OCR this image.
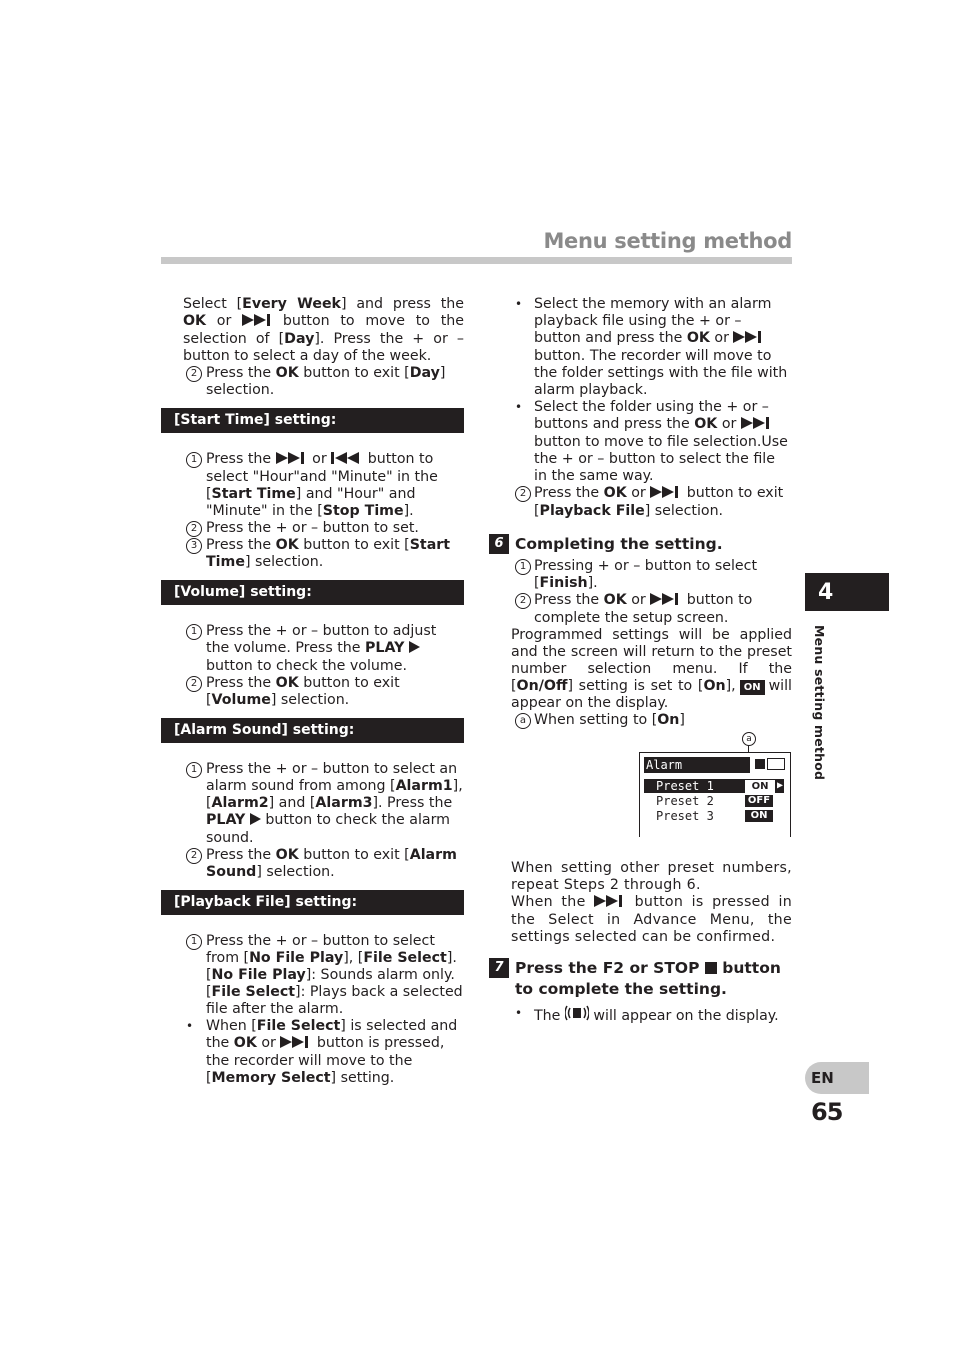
Menu setting method

Select [Every Week] and press the OK or	button to move to the selection of [Day]. Press the + or – button to select a day of the week.

2 Press the OK button to exit [Day] selection.
[Start Time] setting:
1 Press the  or  button to select "Hour"and "Minute" in the [Start Time] and "Hour" and "Minute" in the [Stop Time].
2 Press the + or – button to set.
3 Press the OK button to exit [Start Time] selection.
[Volume] setting:
1 Press the + or – button to adjust the volume. Press the PLAY  button to check the volume.
2 Press the OK button to exit [Volume] selection.
[Alarm Sound] setting:
1 Press the + or – button to select an alarm sound from among [Alarm1], [Alarm2] and [Alarm3]. Press the PLAY  button to check the alarm sound.
2 Press the OK button to exit [Alarm Sound] selection.
[Playback File] setting:
1 Press the + or – button to select from [No File Play], [File Select].
[No File Play]: Sounds alarm only.
[File Select]: Plays back a selected file after the alarm.
• When [File Select] is selected and the OK or  button is pressed, the recorder will move to the [Memory Select] setting.
• Select the memory with an alarm playback file using the + or – button and press the OK or  button. The recorder will move to the folder settings with the file with alarm playback.
• Select the folder using the + or – buttons and press the OK or  button to move to file selection.Use the + or – button to select the file in the same way.
2 Press the OK or  button to exit [Playback File] selection.
6 Completing the setting.
1 Pressing + or – button to select [Finish].
2 Press the OK or  button to complete the setup screen.

Programmed settings will be applied and the screen will return to the preset number selection menu. If the [On/Off] setting is set to [On], ON will appear on the display.

a When setting to [On]

When setting other preset numbers, repeat Steps 2 through 6.
When the  button is pressed in the Select in Advance Menu, the settings selected can be confirmed.

7 Press the F2 or STOP  button to complete the setting.
• The will appear on the display.
a
Alarm
Preset 1	ON ▶
Preset 2	OFF
Preset 3	ON
4
Menu setting method
EN
65
